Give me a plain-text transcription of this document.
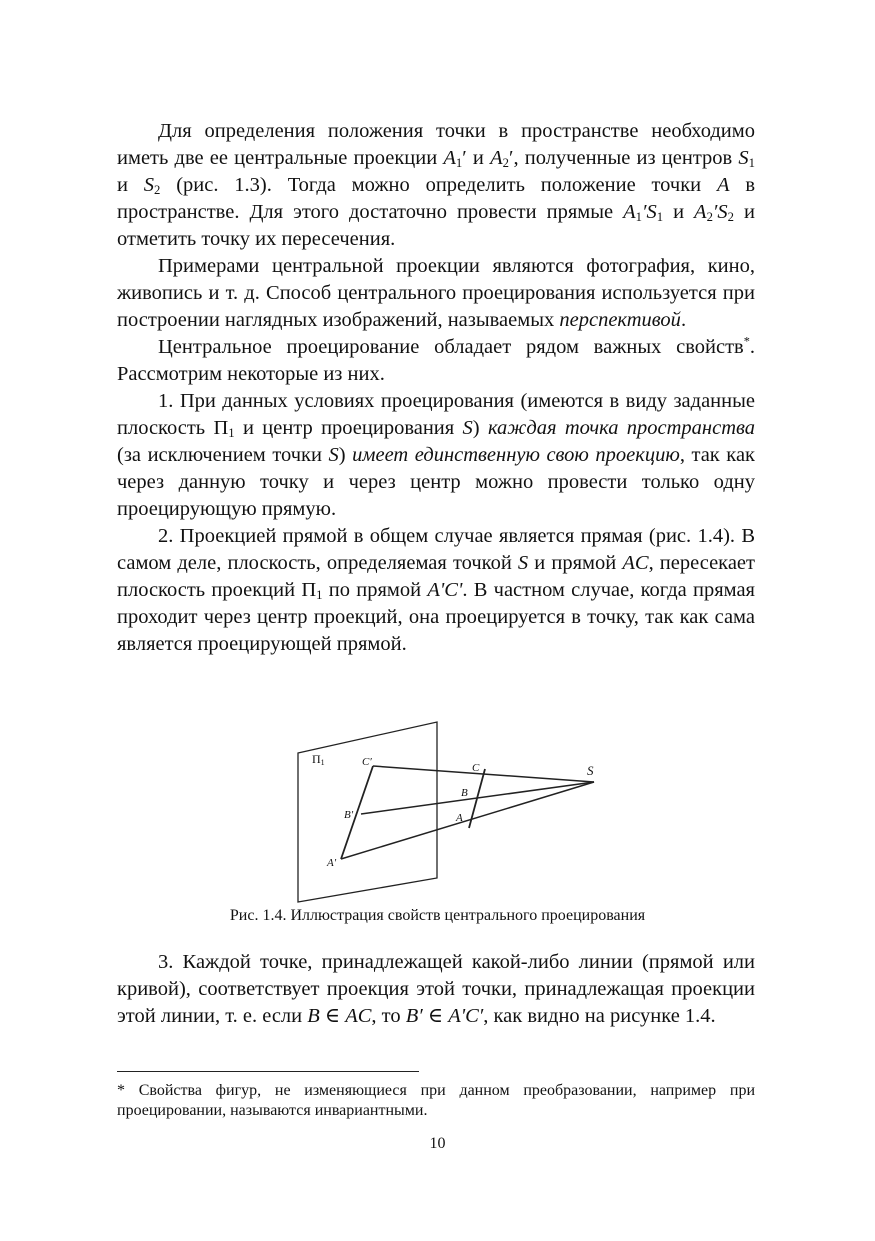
Для определения положения точки в пространстве необходимо иметь две ее центральные проекции $A_1'$ и $A_2'$, полученные из центров $S_1$ и $S_2$ (рис. 1.3). Тогда можно определить положение точки A в пространстве. Для этого достаточно провести прямые $A_1'S_1$ и $A_2'S_2$ и отметить точку их пересечения.

Примерами центральной проекции являются фотография, кино, живопись и т. д. Способ центрального проецирования используется при построении наглядных изображений, называемых перспективой.

Центральное проецирование обладает рядом важных свойств*. Рассмотрим некоторые из них.

1. При данных условиях проецирования (имеются в виду заданные плоскость $П_1$ и центр проецирования S) каждая точка пространства (за исключением точки S) имеет единственную свою проекцию, так как через данную точку и через центр можно провести только одну проецирующую прямую.

2. Проекцией прямой в общем случае является прямая (рис. 1.4). В самом деле, плоскость, определяемая точкой S и прямой AC, пересекает плоскость проекций $П_1$ по прямой A'C'. В частном случае, когда прямая проходит через центр проекций, она проецируется в точку, так как сама является проецирующей прямой.

П1	C′
B′
A′
C
B
A
S
Рис. 1.4. Иллюстрация свойств центрального проецирования

3. Каждой точке, принадлежащей какой-либо линии (прямой или кривой), соответствует проекция этой точки, принадлежащая проекции этой линии, т. е. если B ∈ AC, то B′ ∈ A'C′, как видно на рисунке 1.4.

* Свойства фигур, не изменяющиеся при данном преобразовании, например при проецировании, называются инвариантными.
10
